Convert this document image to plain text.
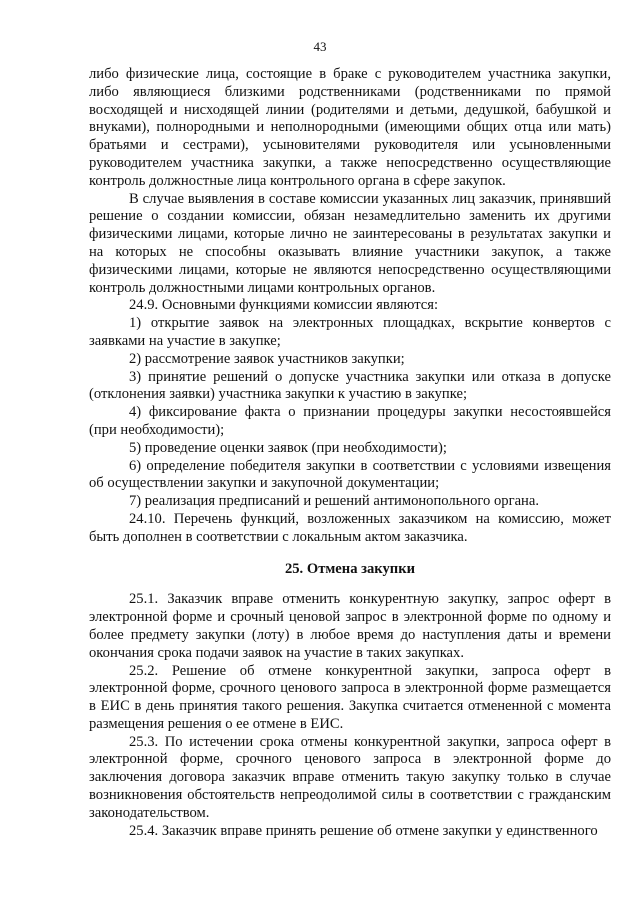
43

либо физические лица, состоящие в браке с руководителем участника закупки, либо являющиеся близкими родственниками (родственниками по прямой восходящей и нисходящей линии (родителями и детьми, дедушкой, бабушкой и внуками), полнородными и неполнородными (имеющими общих отца или мать) братьями и сестрами), усыновителями руководителя или усыновленными руководителем участника закупки, а также непосредственно осуществляющие контроль должностные лица контрольного органа в сфере закупок.

В случае выявления в составе комиссии указанных лиц заказчик, принявший решение о создании комиссии, обязан незамедлительно заменить их другими физическими лицами, которые лично не заинтересованы в результатах закупки и на которых не способны оказывать влияние участники закупок, а также физическими лицами, которые не являются непосредственно осуществляющими контроль должностными лицами контрольных органов.

24.9. Основными функциями комиссии являются:

1) открытие заявок на электронных площадках, вскрытие конвертов с заявками на участие в закупке;

2) рассмотрение заявок участников закупки;

3) принятие решений о допуске участника закупки или отказа в допуске (отклонения заявки) участника закупки к участию в закупке;

4) фиксирование факта о признании процедуры закупки несостоявшейся (при необходимости);

5) проведение оценки заявок (при необходимости);

6) определение победителя закупки в соответствии с условиями извещения об осуществлении закупки и закупочной документации;

7) реализация предписаний и решений антимонопольного органа.

24.10. Перечень функций, возложенных заказчиком на комиссию, может быть дополнен в соответствии с локальным актом заказчика.

25. Отмена закупки

25.1. Заказчик вправе отменить конкурентную закупку, запрос оферт в электронной форме и срочный ценовой запрос в электронной форме по одному и более предмету закупки (лоту) в любое время до наступления даты и времени окончания срока подачи заявок на участие в таких закупках.

25.2. Решение об отмене конкурентной закупки, запроса оферт в электронной форме, срочного ценового запроса в электронной форме размещается в ЕИС в день принятия такого решения. Закупка считается отмененной с момента размещения решения о ее отмене в ЕИС.

25.3. По истечении срока отмены конкурентной закупки, запроса оферт в электронной форме, срочного ценового запроса в электронной форме до заключения договора заказчик вправе отменить такую закупку только в случае возникновения обстоятельств непреодолимой силы в соответствии с гражданским законодательством.

25.4. Заказчик вправе принять решение об отмене закупки у единственного
